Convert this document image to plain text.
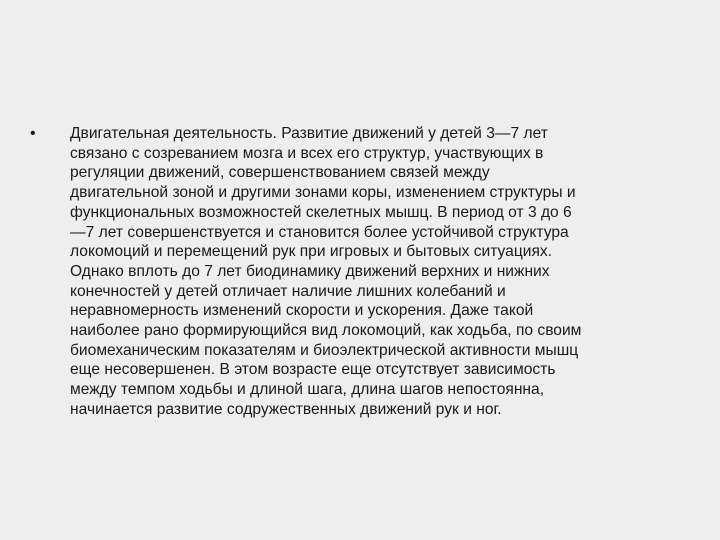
•	Двигательная деятельность. Развитие движений у детей 3—7 лет
связано с созреванием мозга и всех его структур, участвующих в
регуляции движений, совершенствованием связей между
двигательной зоной и другими зонами коры, изменением структуры и
функциональных возможностей скелетных мышц. В период от 3 до 6
—7 лет совершенствуется и становится более устойчивой структура
локомоций и перемещений рук при игровых и бытовых ситуациях.
Однако вплоть до 7 лет биодинамику движений верхних и нижних
конечностей у детей отличает наличие лишних колебаний и
неравномерность изменений скорости и ускорения. Даже такой
наиболее рано формирующийся вид локомоций, как ходьба, по своим
биомеханическим показателям и биоэлектрической активности мышц
еще несовершенен. В этом возрасте еще отсутствует зависимость
между темпом ходьбы и длиной шага, длина шагов непостоянна,
начинается развитие содружественных движений рук и ног.
